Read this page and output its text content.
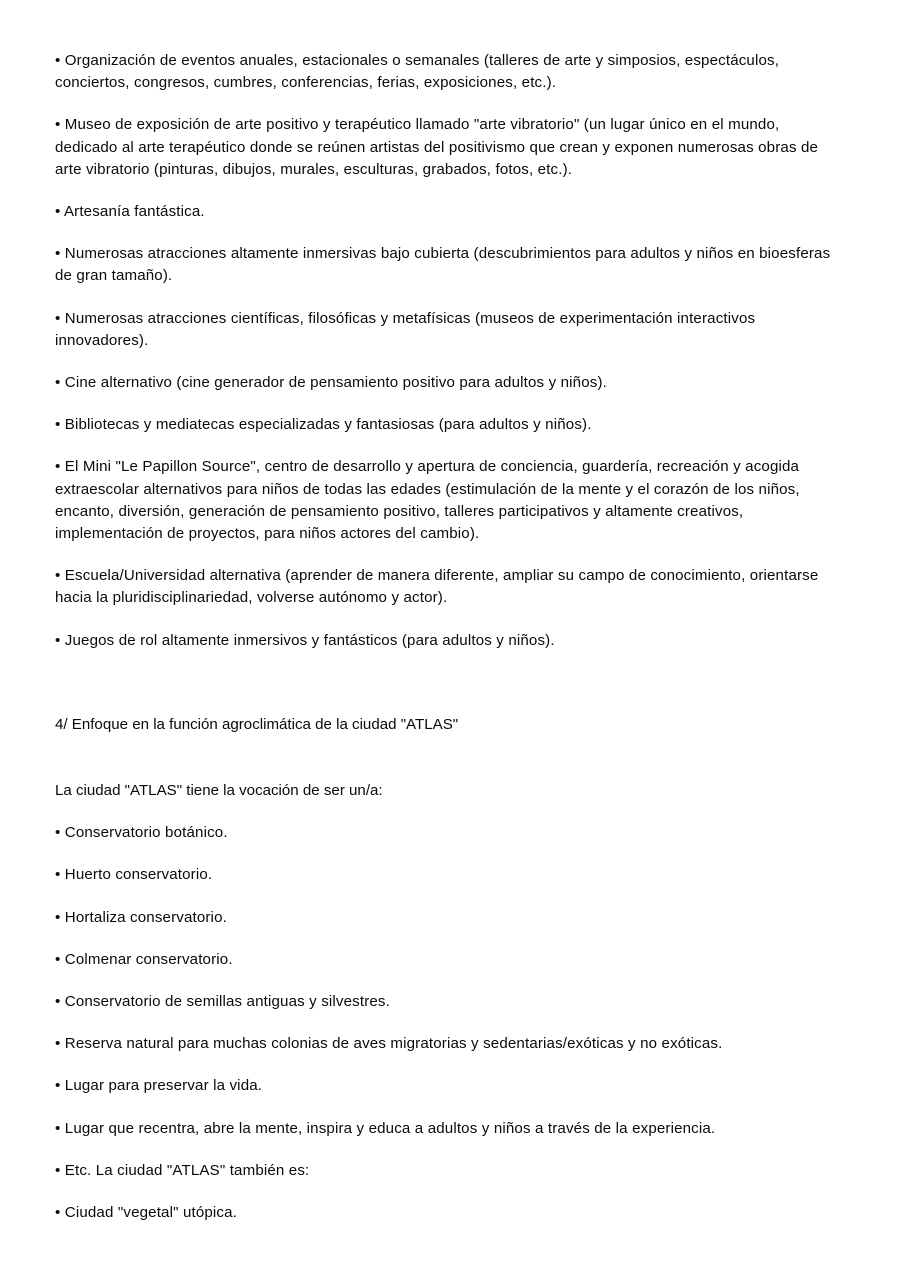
• Organización de eventos anuales, estacionales o semanales (talleres de arte y simposios, espectáculos, conciertos, congresos, cumbres, conferencias, ferias, exposiciones, etc.).
• Museo de exposición de arte positivo y terapéutico llamado "arte vibratorio" (un lugar único en el mundo, dedicado al arte terapéutico donde se reúnen artistas del positivismo que crean y exponen numerosas obras de arte vibratorio (pinturas, dibujos, murales, esculturas, grabados, fotos, etc.).
• Artesanía fantástica.
• Numerosas atracciones altamente inmersivas bajo cubierta (descubrimientos para adultos y niños en bioesferas de gran tamaño).
• Numerosas atracciones científicas, filosóficas y metafísicas (museos de experimentación interactivos innovadores).
• Cine alternativo (cine generador de pensamiento positivo para adultos y niños).
• Bibliotecas y mediatecas especializadas y fantasiosas (para adultos y niños).
• El Mini "Le Papillon Source", centro de desarrollo y apertura de conciencia, guardería, recreación y acogida extraescolar alternativos para niños de todas las edades (estimulación de la mente y el corazón de los niños, encanto, diversión, generación de pensamiento positivo, talleres participativos y altamente creativos, implementación de proyectos, para niños actores del cambio).
• Escuela/Universidad alternativa (aprender de manera diferente, ampliar su campo de conocimiento, orientarse hacia la pluridisciplinariedad, volverse autónomo y actor).
• Juegos de rol altamente inmersivos y fantásticos (para adultos y niños).
4/ Enfoque en la función agroclimática de la ciudad "ATLAS"
La ciudad "ATLAS" tiene la vocación de ser un/a:
• Conservatorio botánico.
• Huerto conservatorio.
• Hortaliza conservatorio.
• Colmenar conservatorio.
• Conservatorio de semillas antiguas y silvestres.
• Reserva natural para muchas colonias de aves migratorias y sedentarias/exóticas y no exóticas.
• Lugar para preservar la vida.
• Lugar que recentra, abre la mente, inspira y educa a adultos y niños a través de la experiencia.
• Etc. La ciudad "ATLAS" también es:
• Ciudad "vegetal" utópica.
